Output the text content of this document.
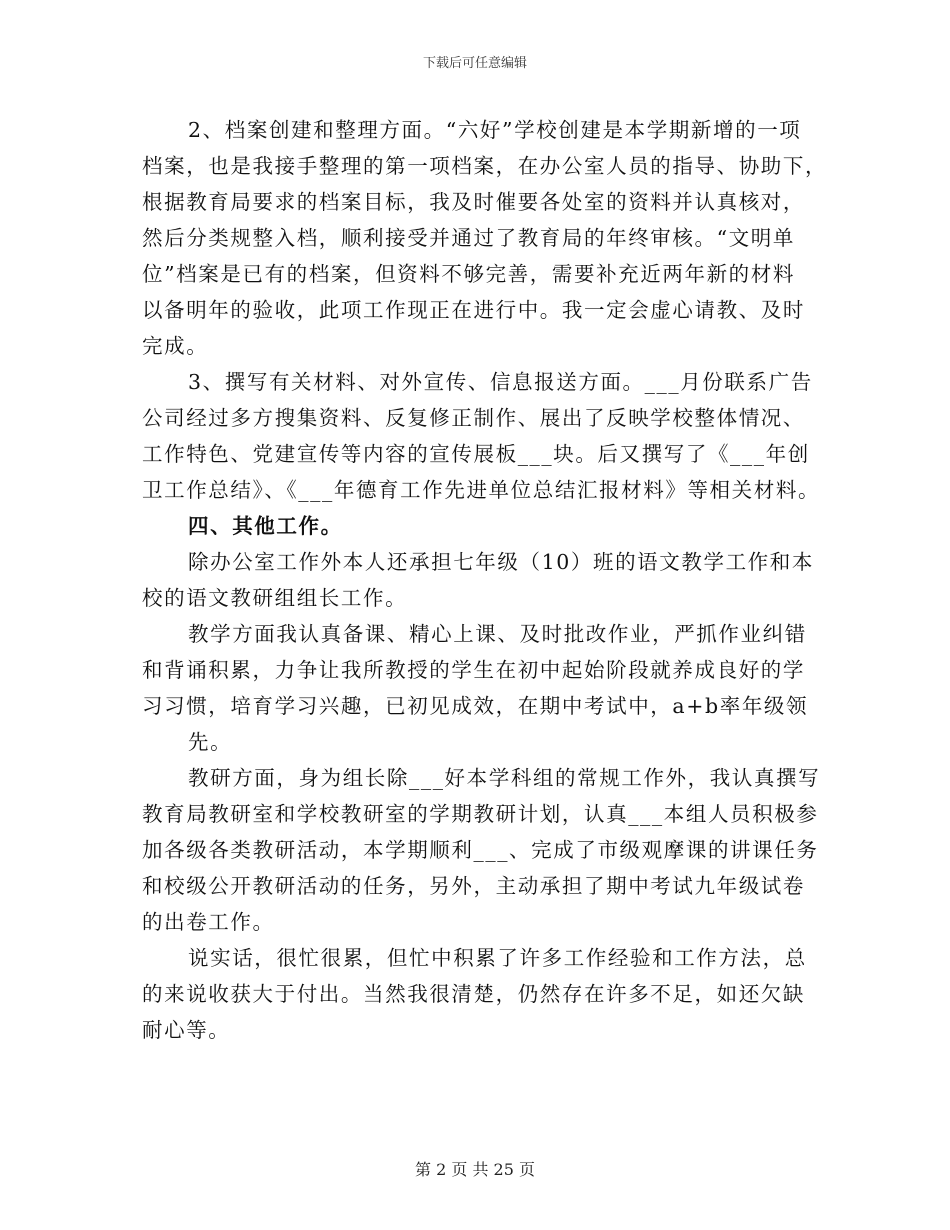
下载后可任意编辑
2、档案创建和整理方面。“六好”学校创建是本学期新增的一项
档案，也是我接手整理的第一项档案，在办公室人员的指导、协助下，
根据教育局要求的档案目标，我及时催要各处室的资料并认真核对，
然后分类规整入档，顺利接受并通过了教育局的年终审核。“文明单
位”档案是已有的档案，但资料不够完善，需要补充近两年新的材料
以备明年的验收，此项工作现正在进行中。我一定会虚心请教、及时
完成。
3、撰写有关材料、对外宣传、信息报送方面。___月份联系广告
公司经过多方搜集资料、反复修正制作、展出了反映学校整体情况、
工作特色、党建宣传等内容的宣传展板___块。后又撰写了《___年创
卫工作总结》、《___年德育工作先进单位总结汇报材料》等相关材料。
四、其他工作。
除办公室工作外本人还承担七年级（10）班的语文教学工作和本
校的语文教研组组长工作。
教学方面我认真备课、精心上课、及时批改作业，严抓作业纠错
和背诵积累，力争让我所教授的学生在初中起始阶段就养成良好的学
习习惯，培育学习兴趣，已初见成效，在期中考试中，a+b率年级领
先。
教研方面，身为组长除___好本学科组的常规工作外，我认真撰写
教育局教研室和学校教研室的学期教研计划，认真___本组人员积极参
加各级各类教研活动，本学期顺利___、完成了市级观摩课的讲课任务
和校级公开教研活动的任务，另外，主动承担了期中考试九年级试卷
的出卷工作。
说实话，很忙很累，但忙中积累了许多工作经验和工作方法，总
的来说收获大于付出。当然我很清楚，仍然存在许多不足，如还欠缺
耐心等。
第 2 页 共 25 页
